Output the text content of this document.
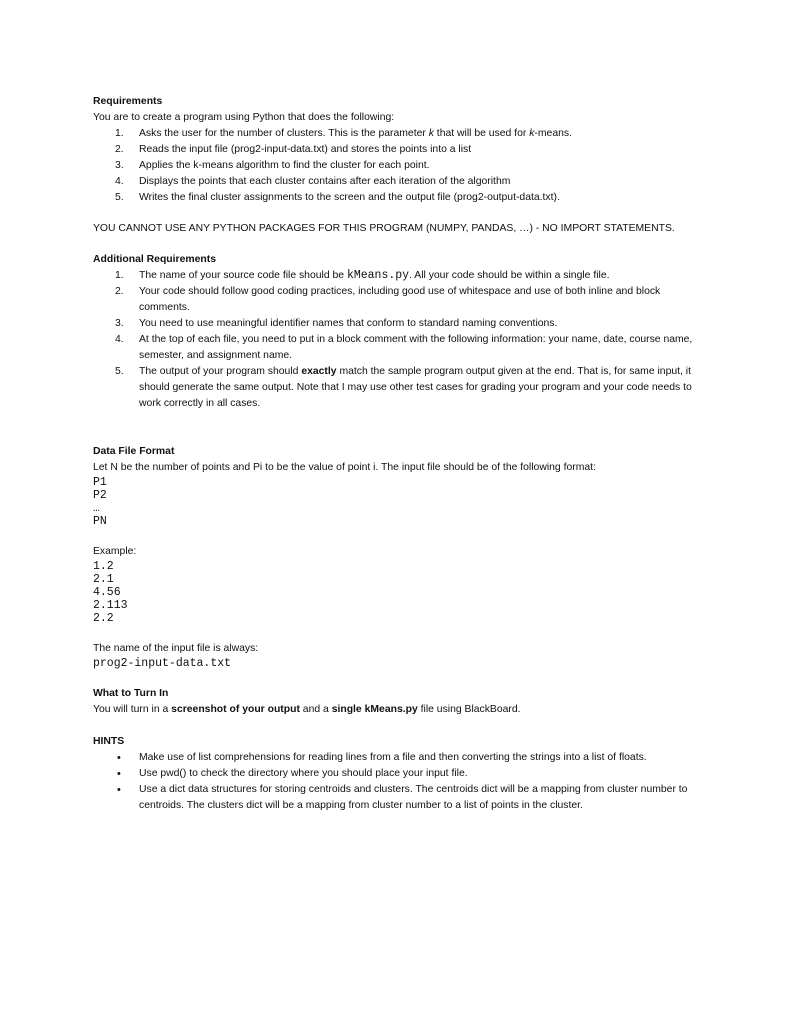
Requirements

You are to create a program using Python that does the following:

1.	Asks the user for the number of clusters. This is the parameter k that will be used for k-means.
2.	Reads the input file (prog2-input-data.txt) and stores the points into a list
3.	Applies the k-means algorithm to find the cluster for each point.
4.	Displays the points that each cluster contains after each iteration of the algorithm
5.	Writes the final cluster assignments to the screen and the output file (prog2-output-data.txt).

YOU CANNOT USE ANY PYTHON PACKAGES FOR THIS PROGRAM (NUMPY, PANDAS, …) - NO IMPORT STATEMENTS.

Additional Requirements

1.	The name of your source code file should be kMeans.py. All your code should be within a single file.
2.	Your code should follow good coding practices, including good use of whitespace and use of both inline and block comments.
3.	You need to use meaningful identifier names that conform to standard naming conventions.
4.	At the top of each file, you need to put in a block comment with the following information: your name, date, course name, semester, and assignment name.
5.	The output of your program should exactly match the sample program output given at the end. That is, for same input, it should generate the same output. Note that I may use other test cases for grading your program and your code needs to work correctly in all cases.

Data File Format

Let N be the number of points and Pi to be the value of point i. The input file should be of the following format:

P1

P2

…

PN

Example:

1.2

2.1

4.56

2.113

2.2

The name of the input file is always:

prog2-input-data.txt

What to Turn In

You will turn in a screenshot of your output and a single kMeans.py file using BlackBoard.

HINTS

• Make use of list comprehensions for reading lines from a file and then converting the strings into a list of floats.
• Use pwd() to check the directory where you should place your input file.
• Use a dict data structures for storing centroids and clusters. The centroids dict will be a mapping from cluster number to centroids. The clusters dict will be a mapping from cluster number to a list of points in the cluster.
